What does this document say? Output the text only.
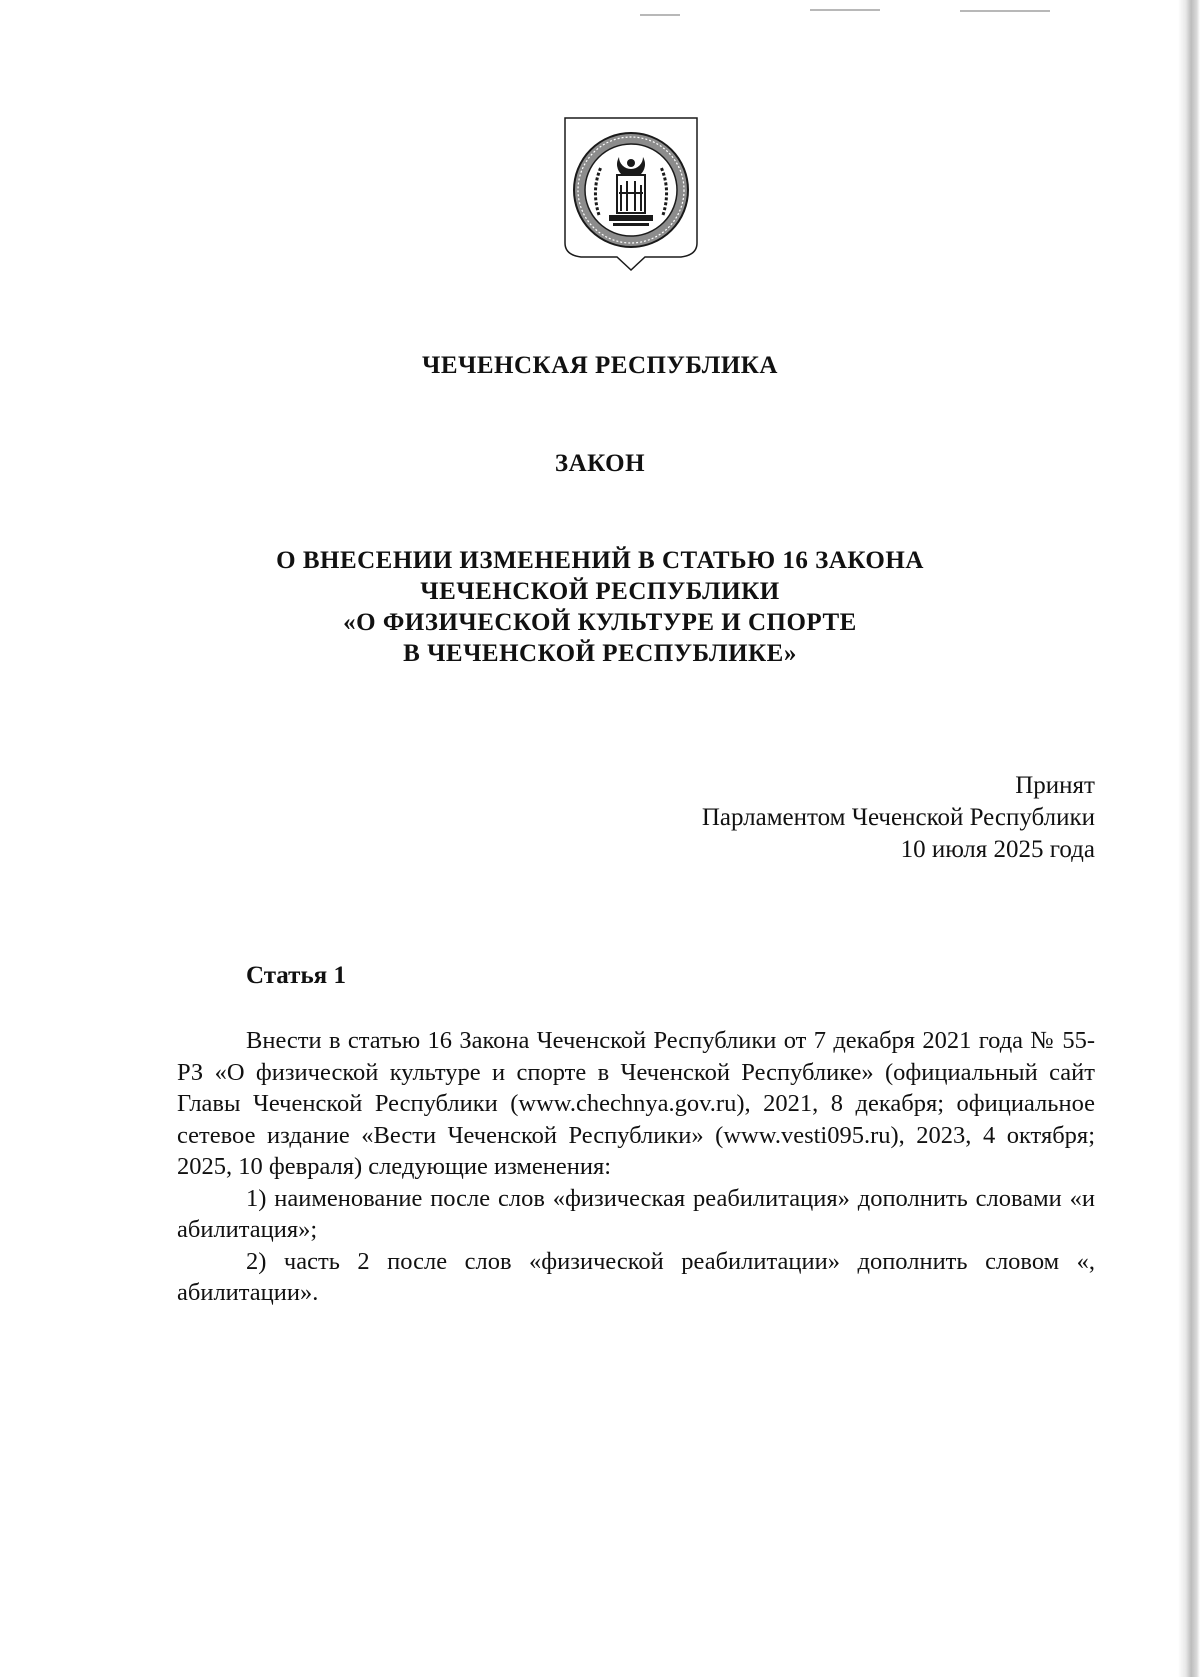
ЧЕЧЕНСКАЯ РЕСПУБЛИКА
ЗАКОН
О ВНЕСЕНИИ ИЗМЕНЕНИЙ В СТАТЬЮ 16 ЗАКОНА
ЧЕЧЕНСКОЙ РЕСПУБЛИКИ
«О ФИЗИЧЕСКОЙ КУЛЬТУРЕ И СПОРТЕ
В ЧЕЧЕНСКОЙ РЕСПУБЛИКЕ»
Принят
Парламентом Чеченской Республики
10 июля 2025 года
Статья 1

Внести в статью 16 Закона Чеченской Республики от 7 декабря 2021 года № 55-РЗ «О физической культуре и спорте в Чеченской Республике» (официальный сайт Главы Чеченской Республики (www.chechnya.gov.ru), 2021, 8 декабря; официальное сетевое издание «Вести Чеченской Республики» (www.vesti095.ru), 2023, 4 октября; 2025, 10 февраля) следующие изменения:

1) наименование после слов «физическая реабилитация» дополнить словами «и абилитация»;

2) часть 2 после слов «физической реабилитации» дополнить словом «, абилитации».
